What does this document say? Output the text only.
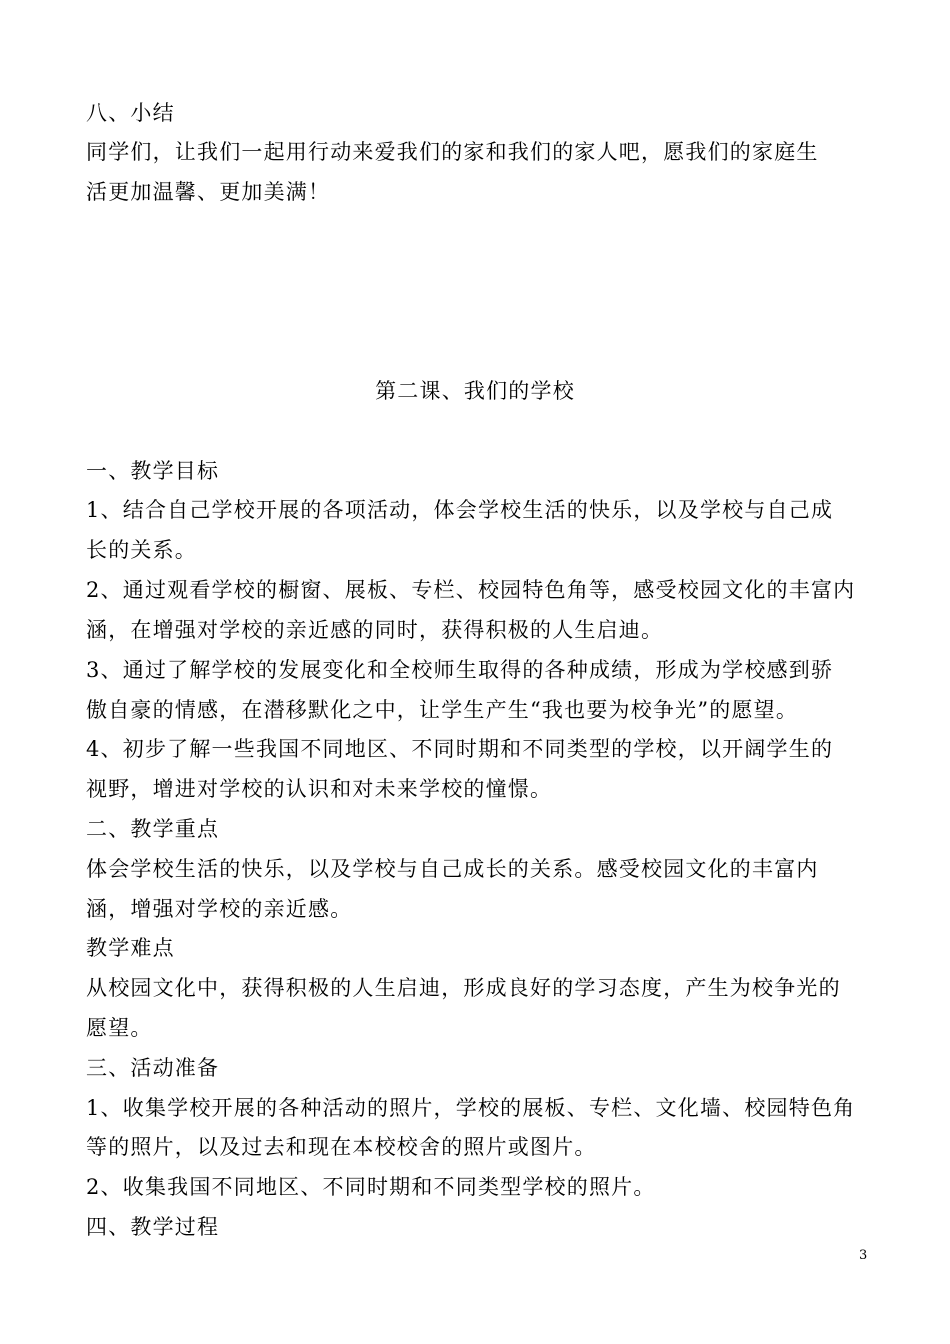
八、小结
同学们，让我们一起用行动来爱我们的家和我们的家人吧，愿我们的家庭生
活更加温馨、更加美满！
第二课、我们的学校
一、教学目标
1、结合自己学校开展的各项活动，体会学校生活的快乐，以及学校与自己成
长的关系。
2、通过观看学校的橱窗、展板、专栏、校园特色角等，感受校园文化的丰富内
涵，在增强对学校的亲近感的同时，获得积极的人生启迪。
3、通过了解学校的发展变化和全校师生取得的各种成绩，形成为学校感到骄
傲自豪的情感，在潜移默化之中，让学生产生“我也要为校争光”的愿望。
4、初步了解一些我国不同地区、不同时期和不同类型的学校，以开阔学生的
视野，增进对学校的认识和对未来学校的憧憬。
二、教学重点
体会学校生活的快乐，以及学校与自己成长的关系。感受校园文化的丰富内
涵，增强对学校的亲近感。
教学难点
从校园文化中，获得积极的人生启迪，形成良好的学习态度，产生为校争光的
愿望。
三、活动准备
1、收集学校开展的各种活动的照片，学校的展板、专栏、文化墙、校园特色角
等的照片，以及过去和现在本校校舍的照片或图片。
2、收集我国不同地区、不同时期和不同类型学校的照片。
四、教学过程
3
